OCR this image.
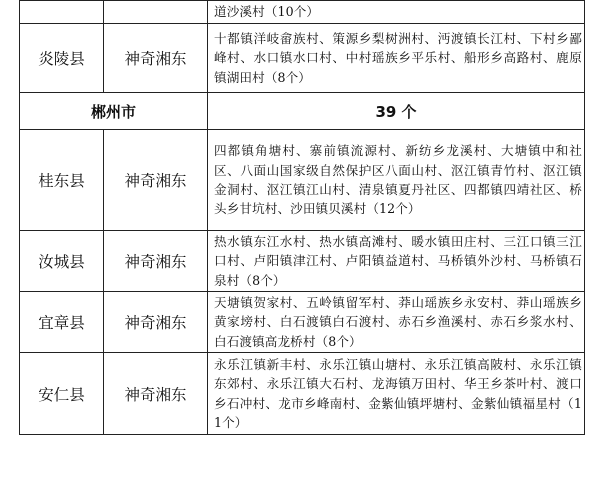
		道沙溪村（10个）
炎陵县	神奇湘东	十都镇洋岐畲族村、策源乡梨树洲村、沔渡镇长江村、下村乡鄙峰村、水口镇水口村、中村瑶族乡平乐村、船形乡高路村、鹿原镇湖田村（8个）
郴州市		39 个
桂东县	神奇湘东	四都镇角塘村、寨前镇流源村、新纺乡龙溪村、大塘镇中和社区、八面山国家级自然保护区八面山村、沤江镇青竹村、沤江镇金洞村、沤江镇江山村、清泉镇夏丹社区、四都镇四靖社区、桥头乡甘坑村、沙田镇贝溪村（12个）
汝城县	神奇湘东	热水镇东江水村、热水镇高滩村、暖水镇田庄村、三江口镇三江口村、卢阳镇津江村、卢阳镇益道村、马桥镇外沙村、马桥镇石泉村（8个）
宜章县	神奇湘东	天塘镇贺家村、五岭镇留军村、莽山瑶族乡永安村、莽山瑶族乡黄家塝村、白石渡镇白石渡村、赤石乡渔溪村、赤石乡浆水村、白石渡镇高龙桥村（8个）
安仁县	神奇湘东	永乐江镇新丰村、永乐江镇山塘村、永乐江镇高陂村、永乐江镇东郊村、永乐江镇大石村、龙海镇万田村、华王乡茶叶村、渡口乡石冲村、龙市乡峰南村、金紫仙镇坪塘村、金紫仙镇福星村（11个）
